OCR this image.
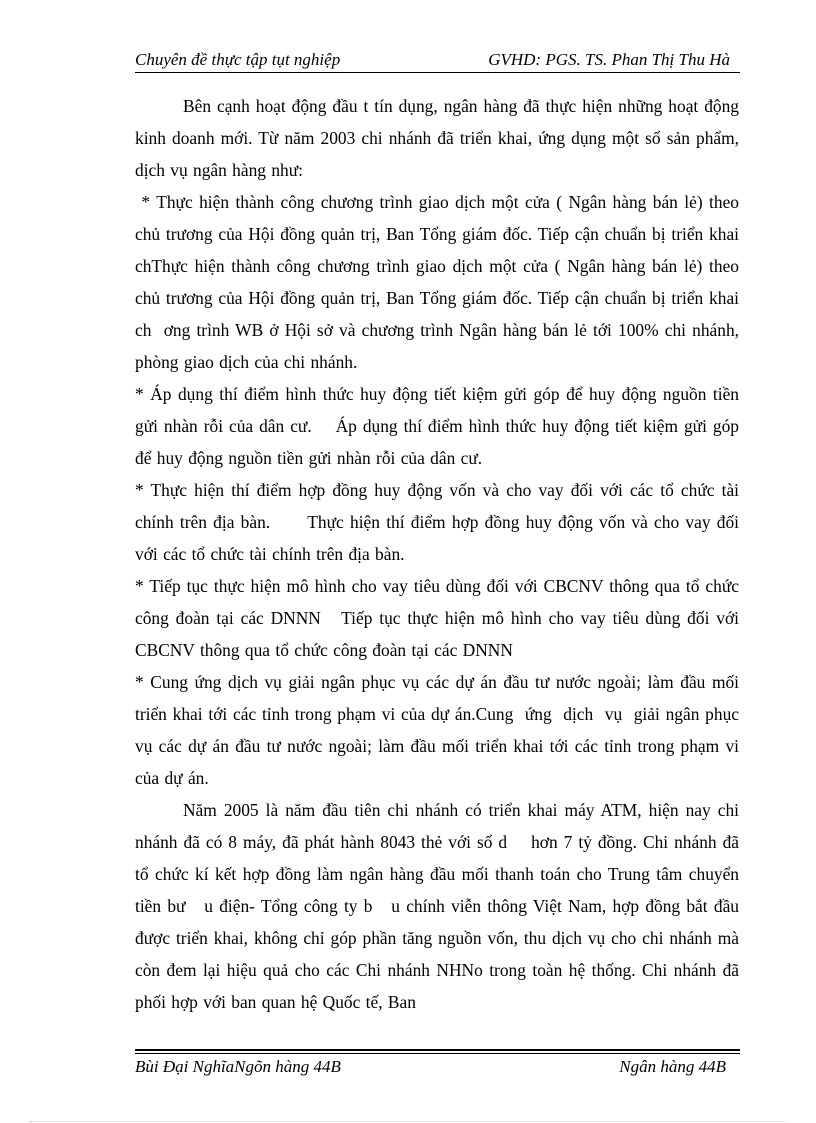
Chuyên đề thực tập tụt nghiệp	GVHD: PGS. TS. Phan Thị Thu Hà

Bên cạnh hoạt động đầu t tín dụng, ngân hàng đã thực hiện những hoạt động kinh doanh mới. Từ năm 2003 chi nhánh đã triển khai, ứng dụng một số sản phẩm, dịch vụ ngân hàng như:

* Thực hiện thành công chương trình giao dịch một cửa ( Ngân hàng bán lẻ) theo chủ trương của Hội đồng quản trị, Ban Tổng giám đốc. Tiếp cận chuẩn bị triển khai chThực hiện thành công chương trình giao dịch một cửa ( Ngân hàng bán lẻ) theo chủ trương của Hội đồng quản trị, Ban Tổng giám đốc. Tiếp cận chuẩn bị triển khai ch  ơng trình WB ở Hội sở và chương trình Ngân hàng bán lẻ tới 100% chi nhánh, phòng giao dịch của chi nhánh.

* Áp dụng thí điểm hình thức huy động tiết kiệm gửi góp để huy động nguồn tiền gửi nhàn rỗi của dân cư.    Áp dụng thí điểm hình thức huy động tiết kiệm gửi góp để huy động nguồn tiền gửi nhàn rỗi của dân cư.

* Thực hiện thí điểm hợp đồng huy động vốn và cho vay đối với các tổ chức tài chính trên địa bàn.      Thực hiện thí điểm hợp đồng huy động vốn và cho vay đối với các tổ chức tài chính trên địa bàn.

* Tiếp tục thực hiện mô hình cho vay tiêu dùng đối với CBCNV thông qua tổ chức công đoàn tại các DNNN   Tiếp tục thực hiện mô hình cho vay tiêu dùng đối với CBCNV thông qua tổ chức công đoàn tại các DNNN

* Cung ứng dịch vụ giải ngân phục vụ các dự án đầu tư nước ngoài; làm đầu mối triển khai tới các tỉnh trong phạm vi của dự án.Cung  ứng  dịch  vụ  giải ngân phục vụ các dự án đầu tư nước ngoài; làm đầu mối triển khai tới các tỉnh trong phạm vi của dự án.

Năm 2005 là năm đầu tiên chi nhánh có triển khai máy ATM, hiện nay chi nhánh đã có 8 máy, đã phát hành 8043 thẻ với số d    hơn 7 tỷ đồng. Chi nhánh đã tổ chức kí kết hợp đồng làm ngân hàng đầu mối thanh toán cho Trung tâm chuyển tiền bư   u điện- Tổng công ty b   u chính viễn thông Việt Nam, hợp đồng bắt đầu được triển khai, không chỉ góp phần tăng nguồn vốn, thu dịch vụ cho chi nhánh mà còn đem lại hiệu quả cho các Chi nhánh NHNo trong toàn hệ thống. Chi nhánh đã phối hợp với ban quan hệ Quốc tế, Ban

Bùi Đại NghĩaNgõn hàng 44B	Ngân hàng 44B
